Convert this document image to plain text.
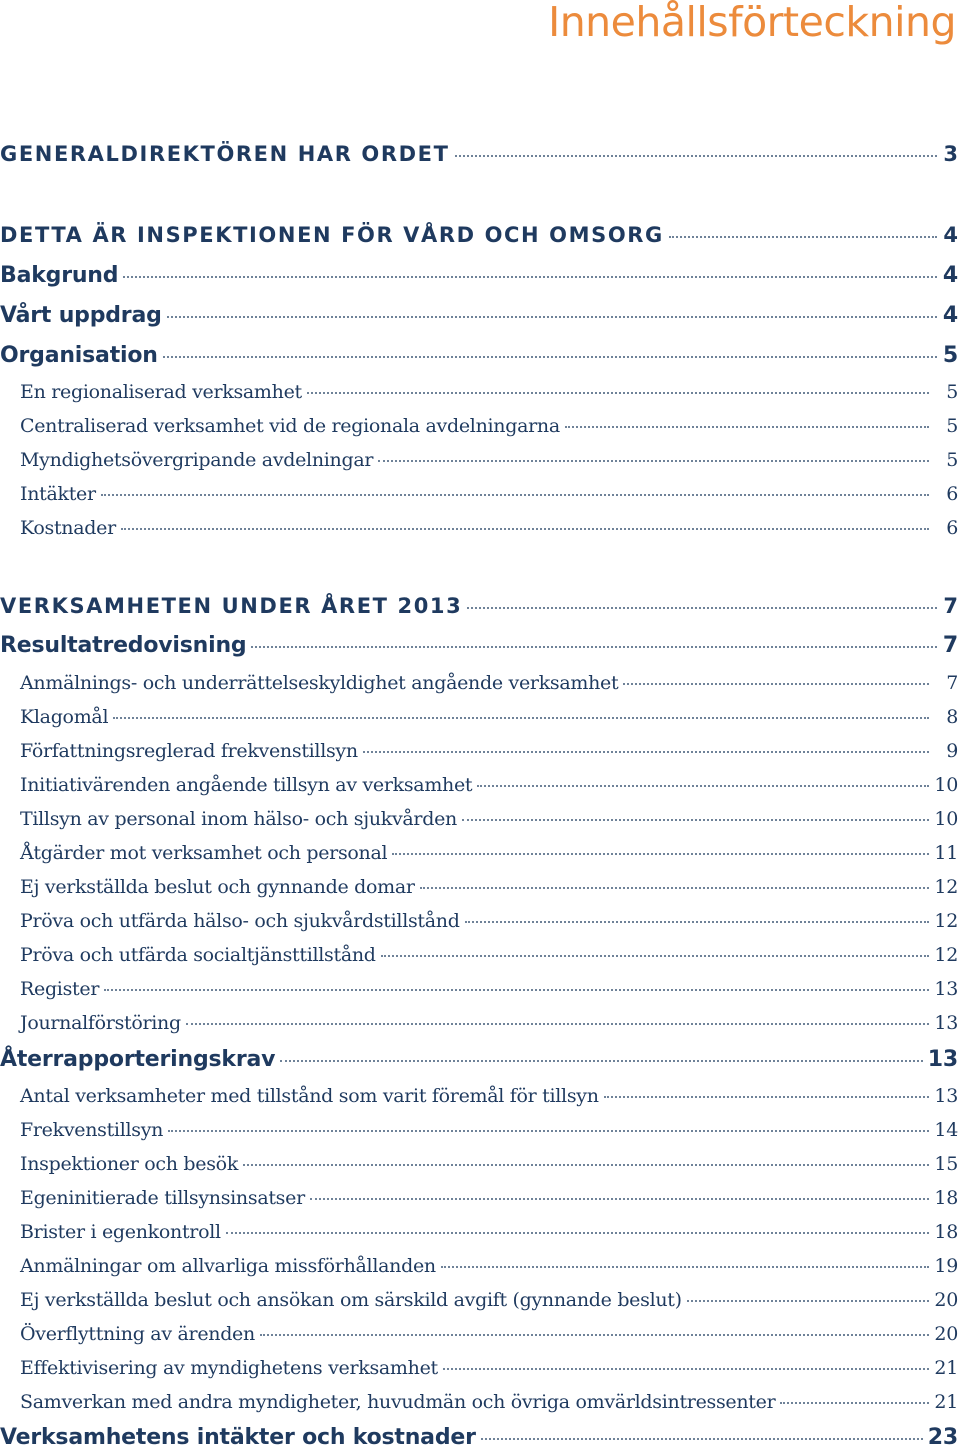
Innehållsförteckning
GENERALDIREKTÖREN HAR ORDET	3
DETTA ÄR INSPEKTIONEN FÖR VÅRD OCH OMSORG	4
Bakgrund	4
Vårt uppdrag	4
Organisation	5
En regionaliserad verksamhet	5
Centraliserad verksamhet vid de regionala avdelningarna	5
Myndighetsövergripande avdelningar	5
Intäkter	6
Kostnader	6
VERKSAMHETEN UNDER ÅRET 2013	7
Resultatredovisning	7
Anmälnings- och underrättelseskyldighet angående verksamhet	7
Klagomål	8
Författningsreglerad frekvenstillsyn	9
Initiativärenden angående tillsyn av verksamhet	10
Tillsyn av personal inom hälso- och sjukvården	10
Åtgärder mot verksamhet och personal	11
Ej verkställda beslut och gynnande domar	12
Pröva och utfärda hälso- och sjukvårdstillstånd	12
Pröva och utfärda socialtjänsttillstånd	12
Register	13
Journalförstöring	13
Återrapporteringskrav	13
Antal verksamheter med tillstånd som varit föremål för tillsyn	13
Frekvenstillsyn	14
Inspektioner och besök	15
Egeninitierade tillsynsinsatser	18
Brister i egenkontroll	18
Anmälningar om allvarliga missförhållanden	19
Ej verkställda beslut och ansökan om särskild avgift (gynnande beslut)	20
Överflyttning av ärenden	20
Effektivisering av myndighetens verksamhet	21
Samverkan med andra myndigheter, huvudmän och övriga omvärldsintressenter	21
Verksamhetens intäkter och kostnader	23
